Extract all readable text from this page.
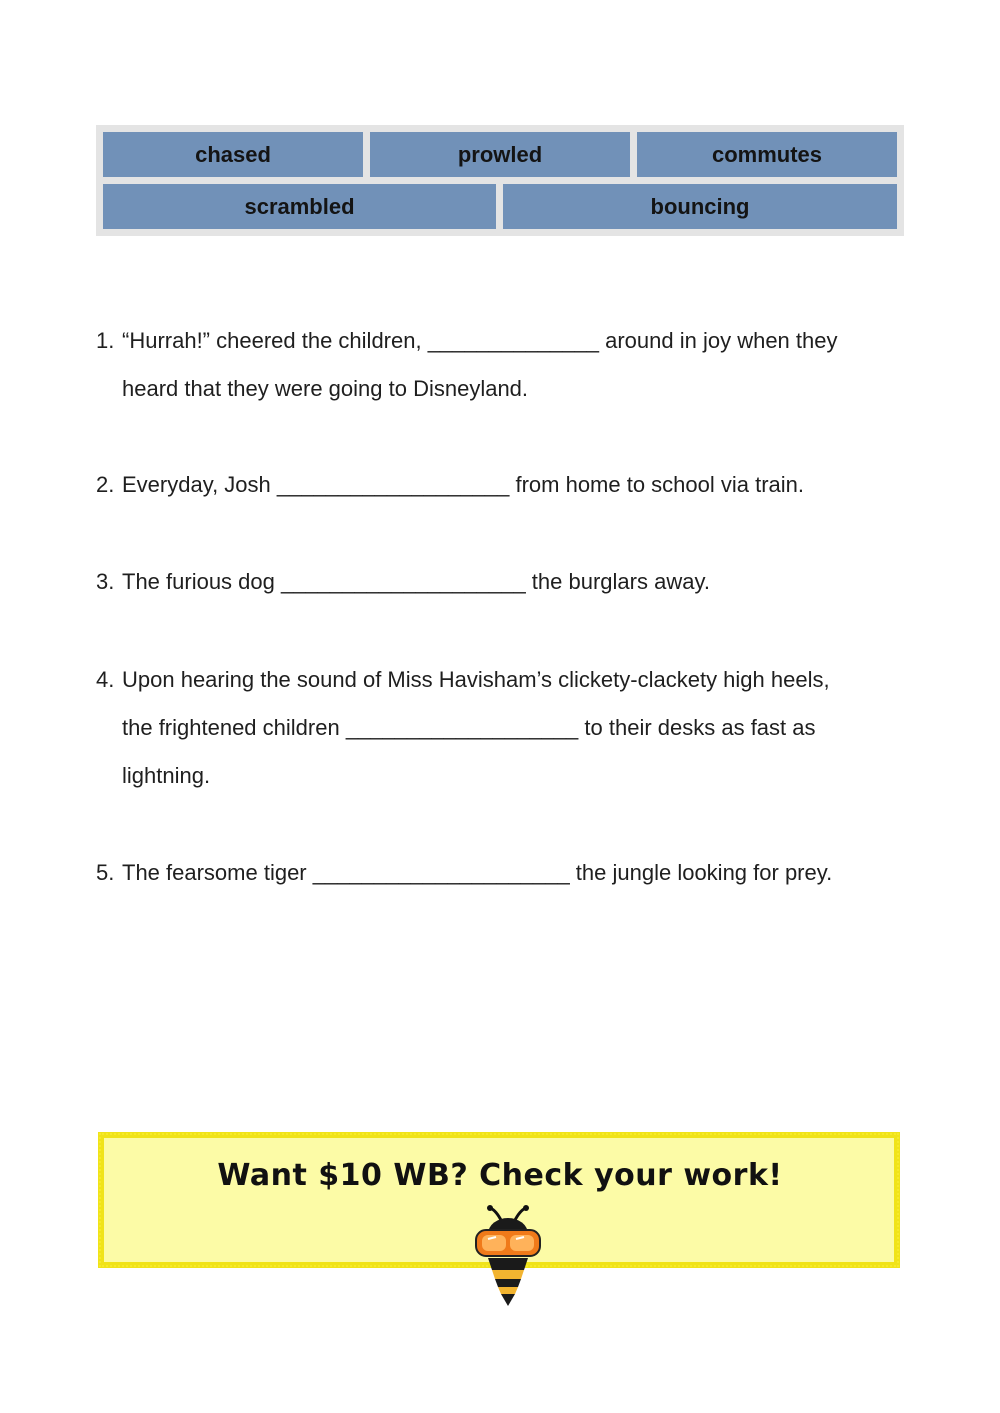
chased	prowled	commutes
scrambled	bouncing
1. “Hurrah!” cheered the children, ______________ around in joy when they
heard that they were going to Disneyland.
2. Everyday, Josh ___________________ from home to school via train.
3. The furious dog ____________________ the burglars away.
4. Upon hearing the sound of Miss Havisham’s clickety-clackety high heels,
the frightened children ___________________ to their desks as fast as
lightning.
5. The fearsome tiger _____________________ the jungle looking for prey.
Want $10 WB? Check your work!
